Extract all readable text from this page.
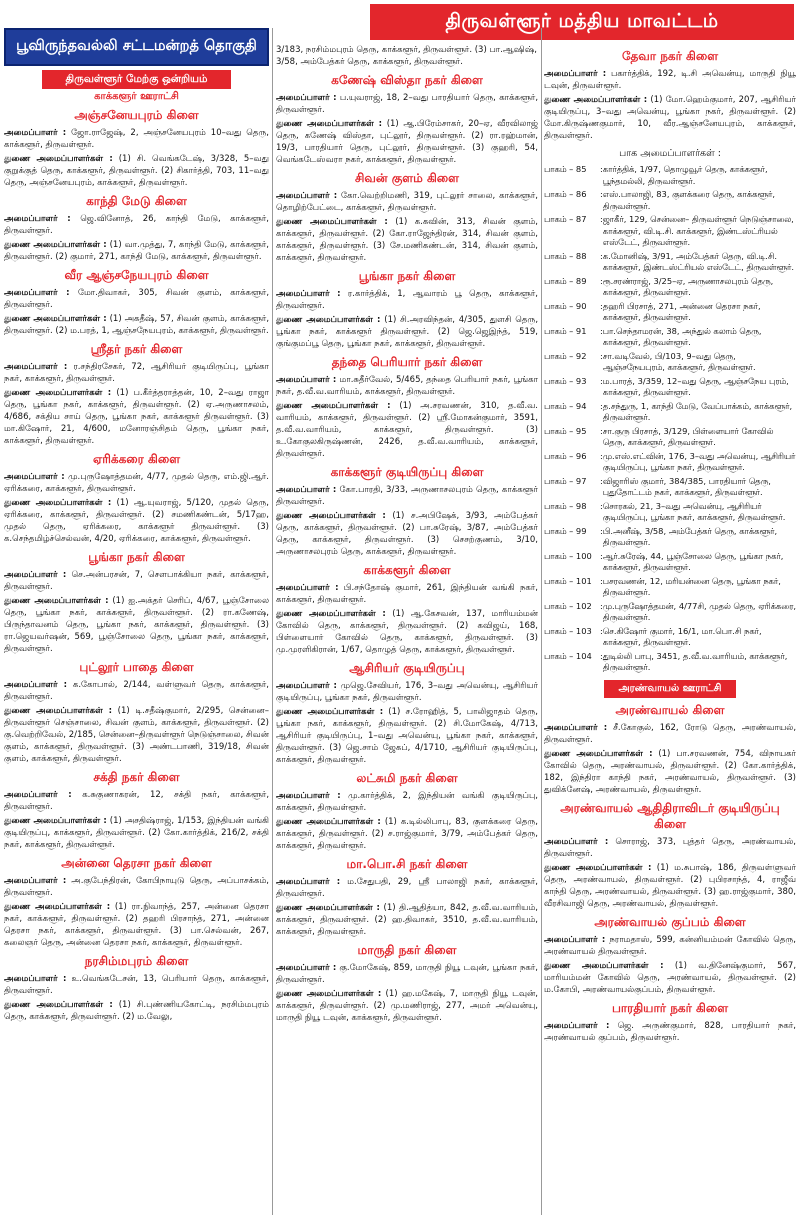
திருவள்ளூர் மத்திய மாவட்டம்
பூவிருந்தவல்லி சட்டமன்றத் தொகுதி
திருவள்ளூர் மேற்கு ஒன்றியம்
காக்களூர் ஊராட்சி
அஞ்சனேயபுரம் கிளை
அமைப்பாளர் : ஜோ.ராஜேஷ், 2, அஞ்சனேயபுரம் 10–வது தெரு, காக்களூர், திருவள்ளூர்.
துணை அமைப்பாளர்கள் : (1) சி. வெங்கடேஷ், 3/328, 5–வது குறுக்குத் தெரு, காக்களூர், திருவள்ளூர். (2) சிகார்த்தி, 703, 11–வது தெரு, அஞ்சனேயபுரம், காக்களூர், திருவள்ளூர்.
காந்தி மேடு கிளை
அமைப்பாளர் : ஜெ.வினோத், 26, காந்தி மேடு, காக்களூர், திருவள்ளூர்.
துணை அமைப்பாளர்கள் : (1) வா.முத்து, 7, காந்தி மேடு, காக்களூர், திருவள்ளூர். (2) குமார், 271, காந்தி மேடு, காக்களூர், திருவள்ளூர்.
வீர ஆஞ்சநேயபுரம் கிளை
அமைப்பாளர் : மோ.திவாகர், 305, சிவன் குளம், காக்களூர், திருவள்ளூர்.
துணை அமைப்பாளர்கள் : (1) அகதீஷ், 57, சிவன் குளம், காக்களூர், திருவள்ளூர். (2) ம.பரத், 1, ஆஞ்சநேயபுரம், காக்களூர், திருவள்ளூர்.
ஸ்ரீதர் நகர் கிளை
அமைப்பாளர் : ர.சந்திரசேகர், 72, ஆசிரியர் குடியிருப்பு, பூங்கா நகர், காக்களூர், திருவள்ளூர்.
துணை அமைப்பாளர்கள் : (1) ப.கீர்த்தராத்தன், 10, 2–வது ராஜா தெரு, பூங்கா நகர், காக்களூர், திருவள்ளூர். (2) ஏ.அருணாசலம், 4/686, சக்திய சாய் தெரு, பூங்கா நகர், காக்களூர் திருவள்ளூர். (3) மா.கிஷோர், 21, 4/600, மனோரஞ்சிதம் தெரு, பூங்கா நகர், காக்களூர், திருவள்ளூர்.
ஏரிக்கரை கிளை
அமைப்பாளர் : மு.புருஷோத்தமன், 4/77, முதல் தெரு, எம்.ஜி.ஆர். ஏரிக்கரை, காக்களூர், திருவள்ளூர்.
துணை அமைப்பாளர்கள் : (1) ஆ.யுவராஜ், 5/120, முதல் தெரு, ஏரிக்கரை, காக்களூர், திருவள்ளூர். (2) சமணிகண்டன், 5/17ஹ, முதல் தெரு, ஏரிக்கரை, காக்களூர் திருவள்ளூர். (3) க.செந்தமிழ்ச்செல்வன், 4/20, ஏரிக்கரை, காக்களூர், திருவள்ளூர்.
பூங்கா நகர் கிளை
அமைப்பாளர் : செ.அன்பரசன், 7, செளபாக்கியா நகர், காக்களூர், திருவள்ளூர்.
துணை அமைப்பாளர்கள் : (1) ஐ.அக்தர் செரிப், 4/67, பூஞ்சோலை தெரு, பூங்கா நகர், காக்களூர், திருவள்ளூர். (2) ரா.கணேஷ், பிருந்தாவனம் தெரு, பூங்கா நகர், காக்களூர், திருவள்ளூர். (3) ரா.ஜெயவர்ஷன், 569, பூஞ்சோலை தெரு, பூங்கா நகர், காக்களூர், திருவள்ளூர்.
புட்லூர் பாதை கிளை
அமைப்பாளர் : க.கோபால், 2/144, வள்ளுவர் தெரு, காக்களூர், திருவள்ளூர்.
துணை அமைப்பாளர்கள் : (1) டி.சதீஷ்குமார், 2/295, சென்னை–திருவள்ளூர் செஞ்சாலை, சிவன் குளம், காக்களூர், திருவள்ளூர். (2) கு.வெற்றிவேல், 2/185, சென்னை–திருவள்ளூர் நெடுஞ்சாலை, சிவன் குளம், காக்களூர், திருவள்ளூர். (3) அண்டபாணி, 319/18, சிவன் குளம், காக்களூர், திருவள்ளூர்.
சக்தி நகர் கிளை
அமைப்பாளர் : க.சுகுணாகரன், 12, சக்தி நகர், காக்களூர், திருவள்ளூர்.
துணை அமைப்பாளர்கள் : (1) அசதிஷ்ராஜ், 1/153, இந்தியன் வங்கி குடியிருப்பு, காக்களூர், திருவள்ளூர். (2) கோ.கார்த்திக், 216/2, சக்தி நகர், காக்களூர், திருவள்ளூர்.
அன்னை தெரசா நகர் கிளை
அமைப்பாளர் : அ.குபேந்திரன், கோபிநாயுடு தெரு, அப்பாசக்கம், திருவள்ளூர்.
துணை அமைப்பாளர்கள் : (1) ரா.நிவாந்த், 257, அன்னை தெரசா நகர், காக்களூர், திருவள்ளூர். (2) தஹரி பிரசாந்த், 271, அன்னை தெரசா நகர், காக்களூர், திருவள்ளூர். (3) பா.செல்வன், 267, கலைஞர் தெரு, அன்னை தெரசா நகர், காக்களூர், திருவள்ளூர்.
நரசிம்மபுரம் கிளை
அமைப்பாளர் : உ.வெங்கடேசன், 13, பெரியார் தெரு, காக்களூர், திருவள்ளூர்.
துணை அமைப்பாளர்கள் : (1) சி.புண்ணியகோட்டி, நரசிம்மபுரம் தெரு, காக்களூர், திருவள்ளூர். (2) ம.வேலு,
3/183, நரசிம்மபுரம் தெரு, காக்களூர், திருவள்ளூர். (3) பா.ஆஷிஷ், 3/58, அம்பேத்கர் தெரு, காக்களூர், திருவள்ளூர்.
கணேஷ் விஸ்தா நகர் கிளை
அமைப்பாளர் : ப.யுவராஜ், 18, 2–வது பாரதியார் தெரு, காக்களூர், திருவள்ளூர்.
துணை அமைப்பாளர்கள் : (1) ஆ.பிரேம்சாகர், 20–ஏ, வீரவிலாஜ் தெரு, கணேஷ் விஸ்தா, புட்லூர், திருவள்ளூர். (2) ரா.ரஹ்மான், 19/3, பாரதியார் தெரு, புட்லூர், திருவள்ளூர். (3) குஹரி, 54, வெங்கடேஸ்வரா நகர், காக்களூர், திருவள்ளூர்.
சிவன் குளம் கிளை
அமைப்பாளர் : கோ.வெற்றிமணி, 319, புட்லூர் சாலை, காக்களூர், தொழிற்பேட்டை, காக்களூர், திருவள்ளூர்.
துணை அமைப்பாளர்கள் : (1) க.கவின், 313, சிவன் குளம், காக்களூர், திருவள்ளூர். (2) கோ.ராஜேந்திரன், 314, சிவன் குளம், காக்களூர், திருவள்ளூர். (3) சே.மணிகண்டன், 314, சிவன் குளம், காக்களூர், திருவள்ளூர்.
பூங்கா நகர் கிளை
அமைப்பாளர் : ர.கார்த்திக், 1, ஆவாரம் பூ தெரு, காக்களூர், திருவள்ளூர்.
துணை அமைப்பாளர்கள் : (1) சி.அரவிந்தன், 4/305, துளசி தெரு, பூங்கா நகர், காக்களூர் திருவள்ளூர். (2) ஜெ.ஜெஇந்த், 519, குங்குமப்பூ தெரு, பூங்கா நகர், காக்களூர், திருவள்ளூர்.
தந்தை பெரியார் நகர் கிளை
அமைப்பாளர் : மா.சுதீர்வேல், 5/465, தந்தை பெரியார் நகர், பூங்கா நகர், த.வீ.வ.வாரியம், காக்களூர், திருவள்ளூர்.
துணை அமைப்பாளர்கள் : (1) அ.சரவணன், 310, த.வீ.வ. வாரியம், காக்களூர், திருவள்ளூர். (2) ஸ்ரீ.மோகன்குமார், 3591, த.வீ.வ.வாரியம், காக்களூர், திருவள்ளூர். (3) உ.கோகுலகிருஷ்ணன், 2426, த.வீ.வ.வாரியம், காக்களூர், திருவள்ளூர்.
காக்களூர் குடியிருப்பு கிளை
அமைப்பாளர் : கோ.பாரதி, 3/33, அருணாசலபுரம் தெரு, காக்களூர் திருவள்ளூர்.
துணை அமைப்பாளர்கள் : (1) ச.அபிஷேக், 3/93, அம்பேத்கர் தெரு, காக்களூர், திருவள்ளூர். (2) பா.சுரேஷ், 3/87, அம்பேத்கர் தெரு, காக்களூர், திருவள்ளூர். (3) செசற்குணம், 3/10, அருணாசலபுரம் தெரு, காக்களூர், திருவள்ளூர்.
காக்களூர் கிளை
அமைப்பாளர் : பி.சந்தோஷ் குமார், 261, இந்தியன் வங்கி நகர், காக்களூர், திருவள்ளூர்.
துணை அமைப்பாளர்கள் : (1) ஆ.கேசவன், 137, மாரியம்மன் கோவில் தெரு, காக்களூர், திருவள்ளூர். (2) கவிஜய், 168, பிள்ளையார் கோவில் தெரு, காக்களூர், திருவள்ளூர். (3) மு.முரளிகிரான், 1/67, தொழுத் தெரு, காக்களூர், திருவள்ளூர்.
ஆசிரியர் குடியிருப்பு
அமைப்பாளர் : முஜெ.சேவியர், 176, 3–வது அவென்யு, ஆசிரியர் குடியிருப்பு, பூங்கா நகர், திருவள்ளூர்.
துணை அமைப்பாளர்கள் : (1) ச.ரோஹித், 5, பாலிஜாதம் தெரு, பூங்கா நகர், காக்களூர், திருவள்ளூர். (2) சி.மோகேஷ், 4/713, ஆசிரியர் குடியிருப்பு, 1–வது அவென்யு, பூங்கா நகர், காக்களூர், திருவள்ளூர். (3) ஜெ.சாம் ஜேகப், 4/1710, ஆசிரியர் குடியிருப்பு, காக்களூர், திருவள்ளூர்.
லட்சுமி நகர் கிளை
அமைப்பாளர் : மு.கார்த்திக், 2, இந்தியன் வங்கி குடியிருப்பு, காக்களூர், திருவள்ளூர்.
துணை அமைப்பாளர்கள் : (1) க.டில்லிபாபு, 83, குளக்கரை தெரு, காக்களூர், திருவள்ளூர். (2) ச.ராஜ்குமார், 3/79, அம்பேத்கர் தெரு, காக்களூர், திருவள்ளூர்.
மா.பொ.சி நகர் கிளை
அமைப்பாளர் : ம.சேதுபதி, 29, ஸ்ரீ பாலாஜி நகர், காக்களூர், திருவள்ளூர்.
துணை அமைப்பாளர்கள் : (1) தி.ஆதித்யா, 842, த.வீ.வ.வாரியம், காக்களூர், திருவள்ளூர். (2) ஹ.திவாகர், 3510, த.வீ.வ.வாரியம், காக்களூர், திருவள்ளூர்.
மாருதி நகர் கிளை
அமைப்பாளர் : கு.மோகேஷ், 859, மாருதி நியூ டவுன், பூங்கா நகர், திருவள்ளூர்.
துணை அமைப்பாளர்கள் : (1) ஹ.மகேஷ், 7, மாருதி நியூ டவுன், காக்களூர், திருவள்ளூர். (2) மு.மணிராஜ், 277, அமர் அவென்யு, மாருதி நியூ டவுன், காக்களூர், திருவள்ளூர்.
தேவா நகர் கிளை
அமைப்பாளர் : பகார்த்திக், 192, டி.சி அவென்யு, மாருதி நியூ டவுன், திருவள்ளூர்.
துணை அமைப்பாளர்கள் : (1) மோ.ஹெம்குமார், 207, ஆசிரியர் குடியிருப்பு, 3–வது அவென்யு, பூங்கா நகர், திருவள்ளூர். (2) மோ.கிருஷ்ணகுமார், 10, வீர.ஆஞ்சனேயபுரம், காக்களூர், திருவள்ளூர்.
பாக அமைப்பாளர்கள் :
பாகம் – 85	: கார்த்திக், 1/97, தொழுவூர் தெரு, காக்களூர், பூந்தமல்லி, திருவள்ளூர்.
பாகம் – 86	: எஸ்.பாலாஜி, 83, குளக்கரை தெரு, காக்களூர், திருவள்ளூர்.
பாகம் – 87	: ஜாகீர், 129, சென்னை– திருவள்ளூர் நெடுஞ்சாலை, காக்களூர், வி.டி.சி. காக்களூர், இண்டஸ்ட்ரியல் எஸ்டேட், திருவள்ளூர்.
பாகம் – 88	: க.மோனிஷ், 3/91, அம்பேத்கர் தெரு, வி.டி.சி. காக்களூர், இண்டஸ்ட்ரியல் எஸ்டேட், திருவள்ளூர்.
பாகம் – 89	: ரூ.சரண்ராஜ், 3/25–ஏ, அருணாசலபுரம் தெரு, காக்களூர், திருவள்ளூர்.
பாகம் – 90	: தஹரி பிரசாத், 271, அன்னை தெரசா நகர், காக்களூர், திருவள்ளூர்.
பாகம் – 91	: பா.செந்தாமரன், 38, அந்துல் கலாம் தெரு, காக்களூர், திருவள்ளூர்.
பாகம் – 92	: சா.வடிவேல், பி/103, 9–வது தெரு, ஆஞ்சநேயபுரம், காக்களூர், திருவள்ளூர்.
பாகம் – 93	: ம.பாரத், 3/359, 12–வது தெரு, ஆஞ்சநேய புரம், காக்களூர், திருவள்ளூர்.
பாகம் – 94	: த.சந்துரு, 1, காந்தி மேடு, வேப்பாக்கம், காக்களூர், திருவள்ளூர்.
பாகம் – 95	: சா.குரு பிரசாத், 3/129, பிள்ளையார் கோவில் தெரு, காக்களூர், திருவள்ளூர்.
பாகம் – 96	: மு.எஸ்.எட்வின், 176, 3–வது அவென்யு, ஆசிரியர் குடியிருப்பு, பூங்கா நகர், திருவள்ளூர்.
பாகம் – 97	: விஜாரிஸ் குமார், 384/385, பாரதியார் தெரு, புதுதோட்டம் நகர், காக்களூர், திருவள்ளூர்.
பாகம் – 98	: சொரகல், 21, 3–வது அவென்யு, ஆசிரியர் குடியிருப்பு, பூங்கா நகர், காக்களூர், திருவள்ளூர்.
பாகம் – 99	: பி.அனீஷ், 3/58, அம்பேத்கர் தெரு, காக்களூர், திருவள்ளூர்.
பாகம் – 100 : ஆர்.சுரேஷ், 44, பூஞ்சோலை தெரு, பூங்கா நகர், காக்களூர், திருவள்ளூர்.
பாகம் – 101 : பசரவணன், 12, மரியன்னை தெரு, பூங்கா நகர், திருவள்ளூர்.
பாகம் – 102 : மு.புருஷோத்தமன், 4/77சி, முதல் தெரு, ஏரிக்கரை, திருவள்ளூர்.
பாகம் – 103 : செ.கிஷோர் குமார், 16/1, மா.பொ.சி நகர், காக்களூர், திருவள்ளூர்.
பாகம் – 104 : துடில்லி பாபு, 3451, த.வீ.வ.வாரியம், காக்களூர், திருவள்ளூர்.
அரண்வாயல் ஊராட்சி
அரண்வாயல் கிளை
அமைப்பாளர் : சீ.கோகுல், 162, ரோடு தெரு, அரண்வாயல், திருவள்ளூர்.
துணை அமைப்பாளர்கள் : (1) பா.சரவணன், 754, விநாயகர் கோவில் தெரு, அரண்வாயல், திருவள்ளூர். (2) கோ.கார்த்திக், 182, இந்திரா காந்தி நகர், அரண்வாயல், திருவள்ளூர். (3) துவிக்னேஷ், அரண்வாயல், திருவள்ளூர்.
அரண்வாயல் ஆதிதிராவிடர் குடியிருப்பு கிளை
அமைப்பாளர் : சொராஜ், 373, புத்தர் தெரு, அரண்வாயல், திருவள்ளூர்.
துணை அமைப்பாளர்கள் : (1) ம.சுபாஷ், 186, திருவள்ளுவர் தெரு, அரண்வாயல், திருவள்ளூர். (2) புபிரசாந்த், 4, ராஜீவ் காந்தி தெரு, அரண்வாயல், திருவள்ளூர். (3) ஹ.ராஜ்குமார், 380, வீரசிவாஜி தெரு, அரண்வாயல், திருவள்ளூர்.
அரண்வாயல் குப்பம் கிளை
அமைப்பாளர் : நராமதாஸ், 599, கன்னியம்மன் கோவில் தெரு, அரண்வாயல் திருவள்ளூர்.
துணை அமைப்பாளர்கள் : (1) வ.தினேஷ்குமார், 567, மாரியம்மன் கோவில் தெரு, அரண்வாயல், திருவள்ளூர். (2) ம.கோபி, அரண்வாயல்குப்பம், திருவள்ளூர்.
பாரதியார் நகர் கிளை
அமைப்பாளர் : ஜெ. அருண்குமார், 828, பாரதியார் நகர், அரண்வாயல் குப்பம், திருவள்ளூர்.
